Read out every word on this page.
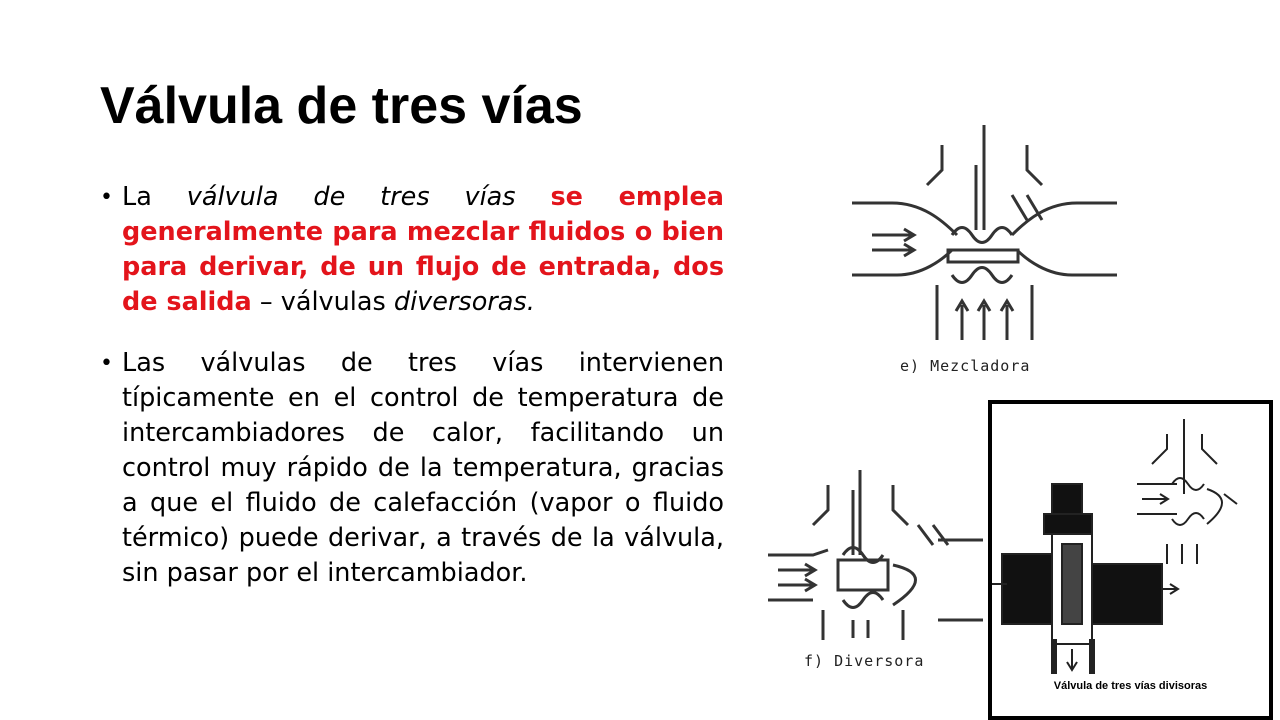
Válvula de tres vías
• La válvula de tres vías se emplea generalmente para mezclar fluidos o bien para derivar, de un flujo de entrada, dos de salida – válvulas diversoras.
• Las válvulas de tres vías intervienen típicamente en el control de temperatura de intercambiadores de calor, facilitando un control muy rápido de la temperatura, gracias a que el fluido de calefacción (vapor o fluido térmico) puede derivar, a través de la válvula, sin pasar por el intercambiador.
e) Mezcladora
f) Diversora
Válvula de tres vías divisoras
